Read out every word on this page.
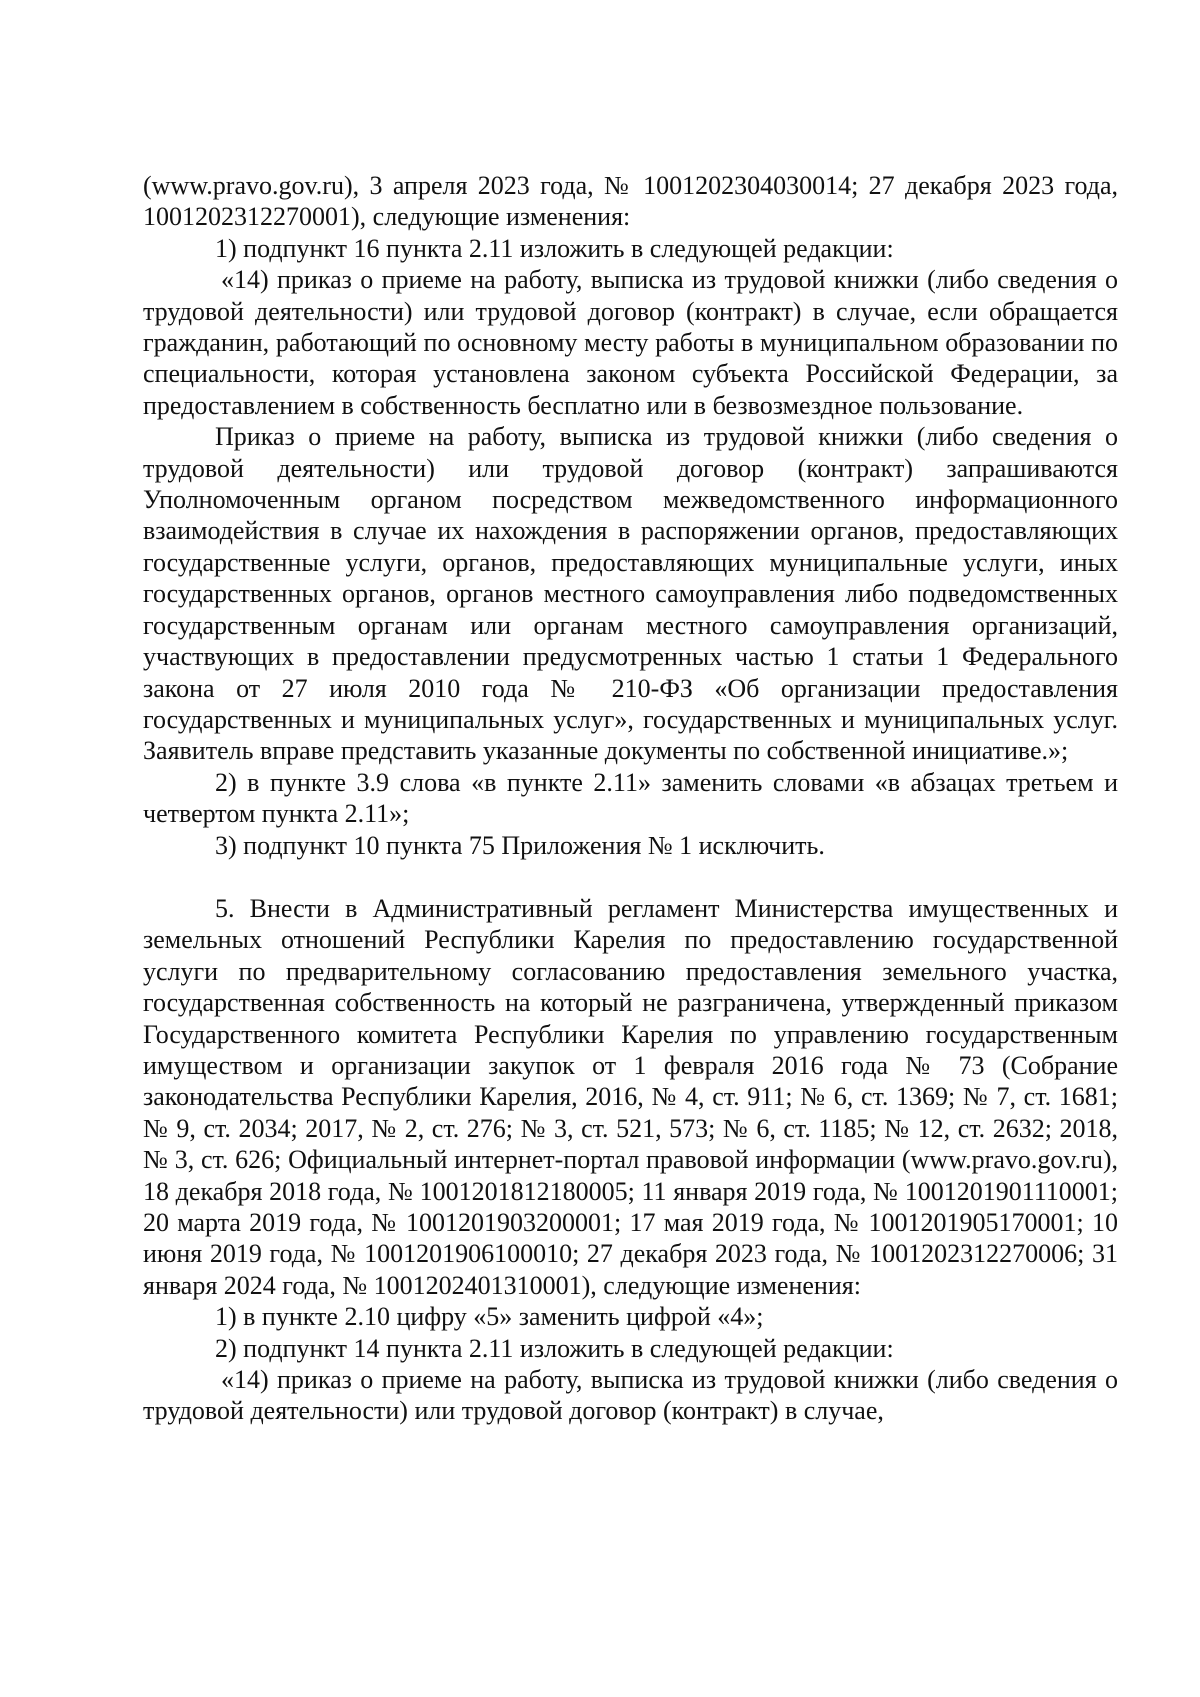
(www.pravo.gov.ru), 3 апреля 2023 года, № 1001202304030014; 27 декабря 2023 года, 1001202312270001), следующие изменения:

1) подпункт 16 пункта 2.11 изложить в следующей редакции:

«14) приказ о приеме на работу, выписка из трудовой книжки (либо сведения о трудовой деятельности) или трудовой договор (контракт) в случае, если обращается гражданин, работающий по основному месту работы в муниципальном образовании по специальности, которая установлена законом субъекта Российской Федерации, за предоставлением в собственность бесплатно или в безвозмездное пользование.

Приказ о приеме на работу, выписка из трудовой книжки (либо сведения о трудовой деятельности) или трудовой договор (контракт) запрашиваются Уполномоченным органом посредством межведомственного информационного взаимодействия в случае их нахождения в распоряжении органов, предоставляющих государственные услуги, органов, предоставляющих муниципальные услуги, иных государственных органов, органов местного самоуправления либо подведомственных государственным органам или органам местного самоуправления организаций, участвующих в предоставлении предусмотренных частью 1 статьи 1 Федерального закона от 27 июля 2010 года № 210-ФЗ «Об организации предоставления государственных и муниципальных услуг», государственных и муниципальных услуг. Заявитель вправе представить указанные документы по собственной инициативе.»;

2) в пункте 3.9 слова «в пункте 2.11» заменить словами «в абзацах третьем и четвертом пункта 2.11»;

3) подпункт 10 пункта 75 Приложения № 1 исключить.

5. Внести в Административный регламент Министерства имущественных и земельных отношений Республики Карелия по предоставлению государственной услуги по предварительному согласованию предоставления земельного участка, государственная собственность на который не разграничена, утвержденный приказом Государственного комитета Республики Карелия по управлению государственным имуществом и организации закупок от 1 февраля 2016 года № 73 (Собрание законодательства Республики Карелия, 2016, № 4, ст. 911; № 6, ст. 1369; № 7, ст. 1681; № 9, ст. 2034; 2017, № 2, ст. 276; № 3, ст. 521, 573; № 6, ст. 1185; № 12, ст. 2632; 2018, № 3, ст. 626; Официальный интернет-портал правовой информации (www.pravo.gov.ru), 18 декабря 2018 года, № 1001201812180005; 11 января 2019 года, № 1001201901110001; 20 марта 2019 года, № 1001201903200001; 17 мая 2019 года, № 1001201905170001; 10 июня 2019 года, № 1001201906100010; 27 декабря 2023 года, № 1001202312270006; 31 января 2024 года, № 1001202401310001), следующие изменения:

1) в пункте 2.10 цифру «5» заменить цифрой «4»;

2) подпункт 14 пункта 2.11 изложить в следующей редакции:

«14) приказ о приеме на работу, выписка из трудовой книжки (либо сведения о трудовой деятельности) или трудовой договор (контракт) в случае,
